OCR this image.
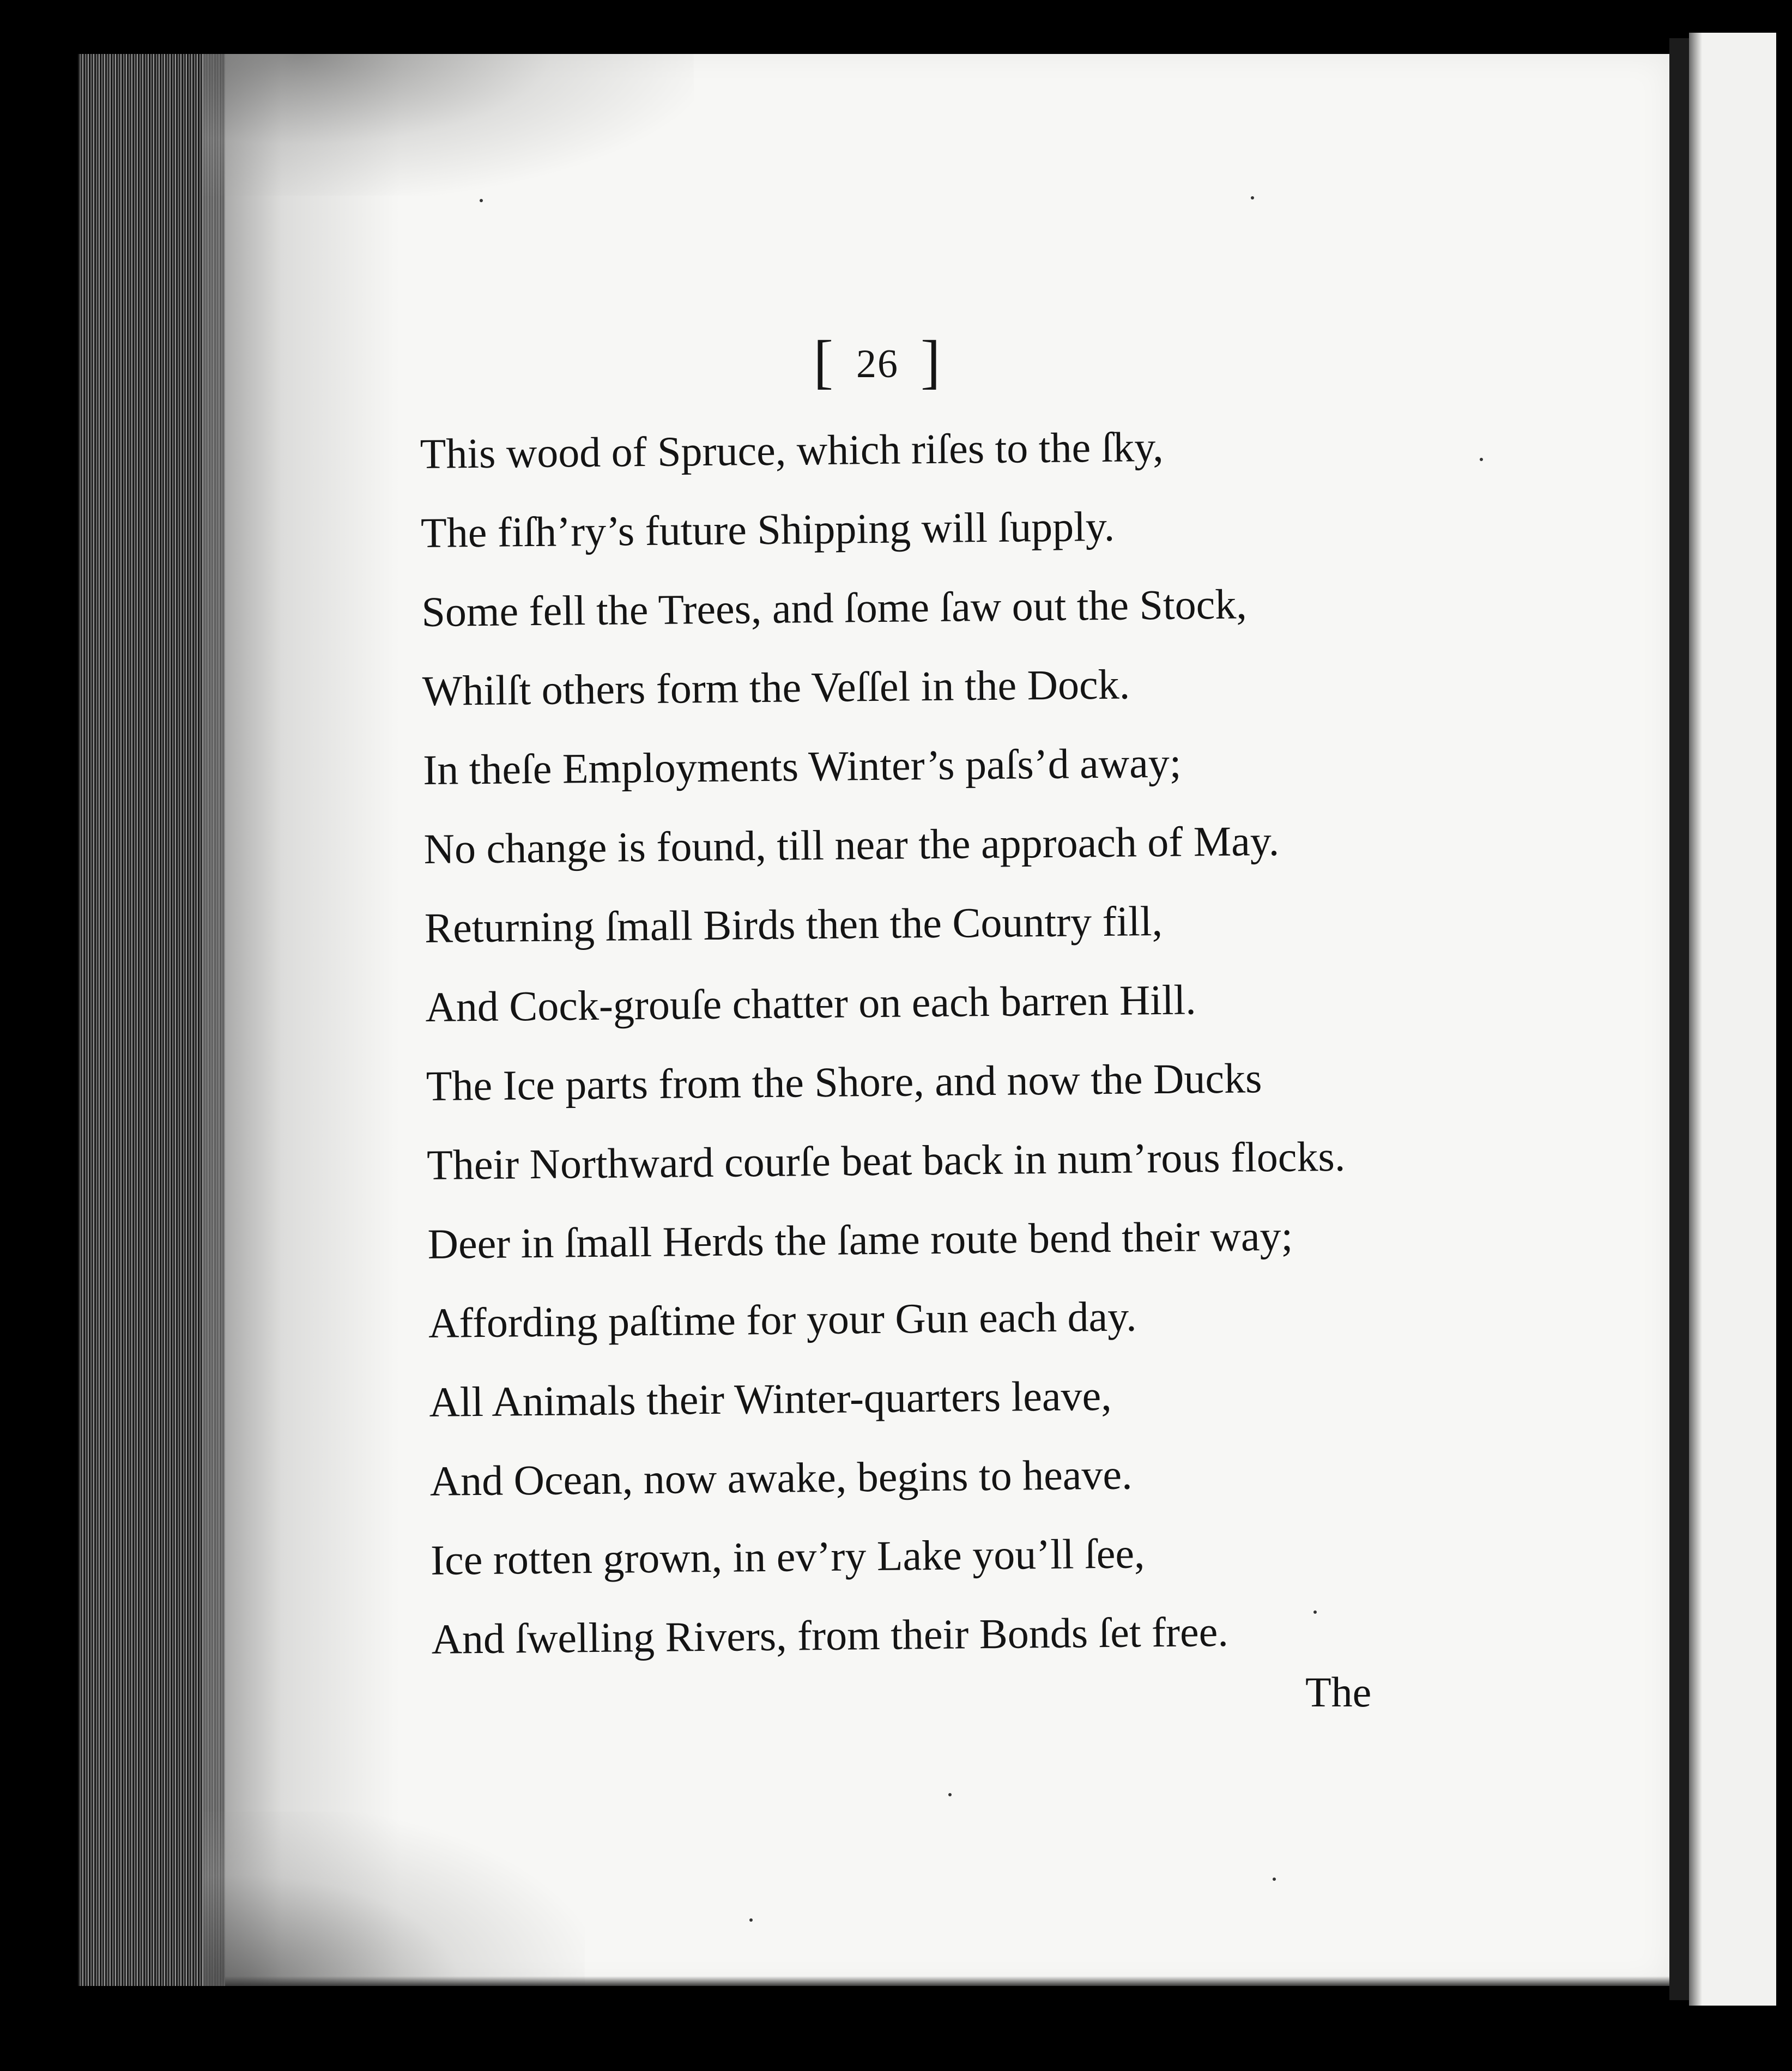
[ 26 ]
This wood of Spruce, which riſes to the ſky,
The fiſh’ry’s future Shipping will ſupply.
Some fell the Trees, and ſome ſaw out the Stock,
Whilſt others form the Veſſel in the Dock.
In theſe Employments Winter’s paſs’d away;
No change is found, till near the approach of May.
Returning ſmall Birds then the Country fill,
And Cock-grouſe chatter on each barren Hill.
The Ice parts from the Shore, and now the Ducks
Their Northward courſe beat back in num’rous flocks.
Deer in ſmall Herds the ſame route bend their way;
Affording paſtime for your Gun each day.
All Animals their Winter-quarters leave,
And Ocean, now awake, begins to heave.
Ice rotten grown, in ev’ry Lake you’ll ſee,
And ſwelling Rivers, from their Bonds ſet free.
The
